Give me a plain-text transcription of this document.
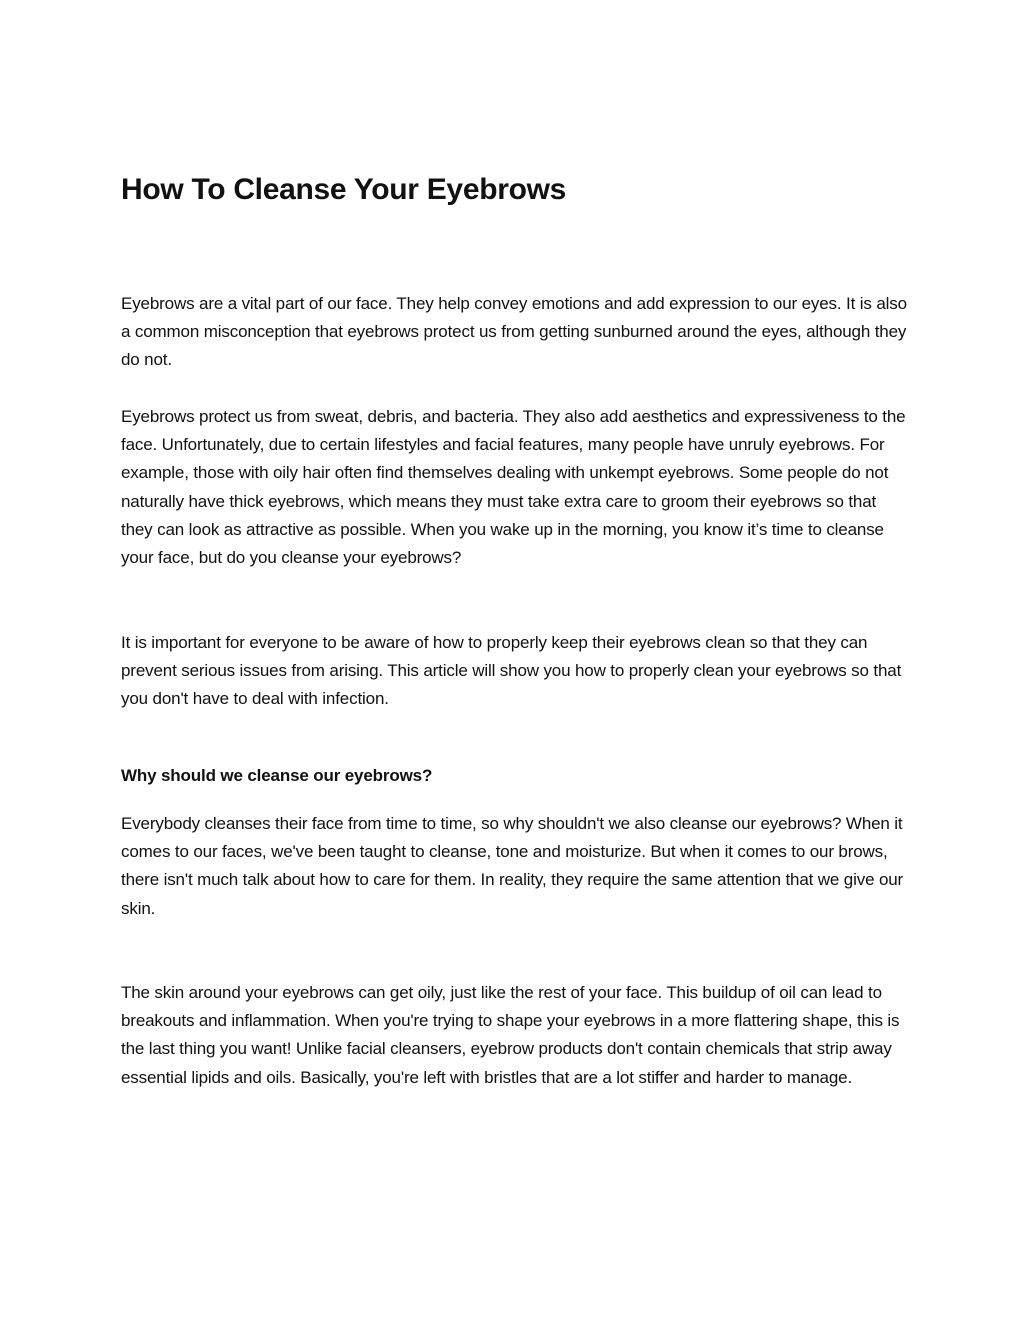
How To Cleanse Your Eyebrows

Eyebrows are a vital part of our face. They help convey emotions and add expression to our eyes. It is also a common misconception that eyebrows protect us from getting sunburned around the eyes, although they do not.

Eyebrows protect us from sweat, debris, and bacteria. They also add aesthetics and expressiveness to the face. Unfortunately, due to certain lifestyles and facial features, many people have unruly eyebrows. For example, those with oily hair often find themselves dealing with unkempt eyebrows. Some people do not naturally have thick eyebrows, which means they must take extra care to groom their eyebrows so that they can look as attractive as possible. When you wake up in the morning, you know it’s time to cleanse your face, but do you cleanse your eyebrows?

It is important for everyone to be aware of how to properly keep their eyebrows clean so that they can prevent serious issues from arising. This article will show you how to properly clean your eyebrows so that you don't have to deal with infection.

Why should we cleanse our eyebrows?

Everybody cleanses their face from time to time, so why shouldn't we also cleanse our eyebrows? When it comes to our faces, we've been taught to cleanse, tone and moisturize. But when it comes to our brows, there isn't much talk about how to care for them. In reality, they require the same attention that we give our skin.

The skin around your eyebrows can get oily, just like the rest of your face. This buildup of oil can lead to breakouts and inflammation. When you're trying to shape your eyebrows in a more flattering shape, this is the last thing you want! Unlike facial cleansers, eyebrow products don't contain chemicals that strip away essential lipids and oils. Basically, you're left with bristles that are a lot stiffer and harder to manage.
